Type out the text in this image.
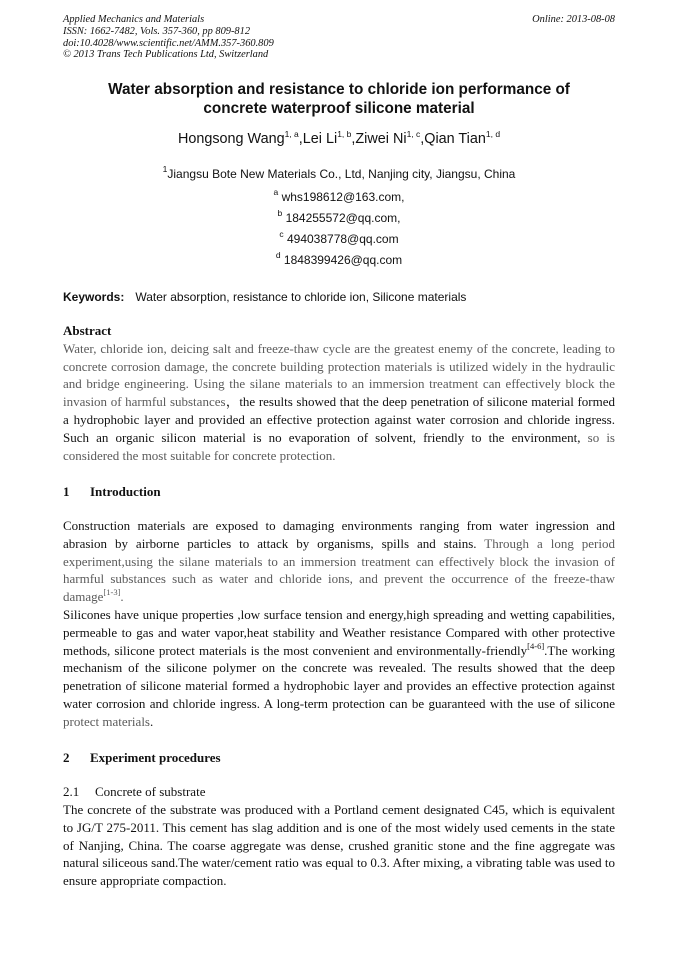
Applied Mechanics and Materials	Online: 2013-08-08
ISSN: 1662-7482, Vols. 357-360, pp 809-812
doi:10.4028/www.scientific.net/AMM.357-360.809
© 2013 Trans Tech Publications Ltd, Switzerland
Water absorption and resistance to chloride ion performance of
concrete waterproof silicone material
Hongsong Wang$^{1, a}$,Lei Li$^{1, b}$,Ziwei Ni$^{1, c}$,Qian Tian$^{1, d}$
$^1$Jiangsu Bote New Materials Co., Ltd, Nanjing city, Jiangsu, China
$^a$ whs198612@163.com,
$^b$ 184255572@qq.com,
$^c$ 494038778@qq.com
$^d$ 1848399426@qq.com
Keywords: Water absorption, resistance to chloride ion, Silicone materials
Abstract
Water, chloride ion, deicing salt and freeze-thaw cycle are the greatest enemy of the concrete, leading to concrete corrosion damage, the concrete building protection materials is utilized widely in the hydraulic and bridge engineering. Using the silane materials to an immersion treatment can effectively block the invasion of harmful substances，the results showed that the deep penetration of silicone material formed a hydrophobic layer and provided an effective protection against water corrosion and chloride ingress. Such an organic silicon material is no evaporation of solvent, friendly to the environment, so is considered the most suitable for concrete protection.
1 Introduction
Construction materials are exposed to damaging environments ranging from water ingression and abrasion by airborne particles to attack by organisms, spills and stains. Through a long period experiment,using the silane materials to an immersion treatment can effectively block the invasion of harmful substances such as water and chloride ions, and prevent the occurrence of the freeze-thaw damage[1-3].
Silicones have unique properties ,low surface tension and energy,high spreading and wetting capabilities, permeable to gas and water vapor,heat stability and Weather resistance Compared with other protective methods, silicone protect materials is the most convenient and environmentally-friendly[4-6].The working mechanism of the silicone polymer on the concrete was revealed. The results showed that the deep penetration of silicone material formed a hydrophobic layer and provides an effective protection against water corrosion and chloride ingress. A long-term protection can be guaranteed with the use of silicone protect materials.
2 Experiment procedures
2.1 Concrete of substrate
The concrete of the substrate was produced with a Portland cement designated C45, which is equivalent to JG/T 275-2011. This cement has slag addition and is one of the most widely used cements in the state of Nanjing, China. The coarse aggregate was dense, crushed granitic stone and the fine aggregate was natural siliceous sand.The water/cement ratio was equal to 0.3. After mixing, a vibrating table was used to ensure appropriate compaction.
